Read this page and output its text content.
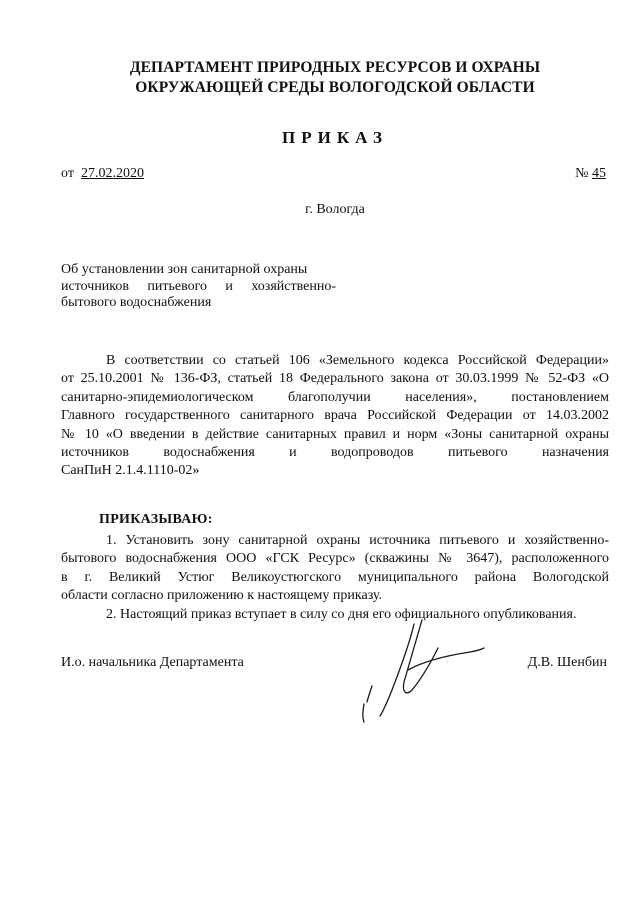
ДЕПАРТАМЕНТ ПРИРОДНЫХ РЕСУРСОВ И ОХРАНЫ
ОКРУЖАЮЩЕЙ СРЕДЫ ВОЛОГОДСКОЙ ОБЛАСТИ
ПРИКАЗ
от 27.02.2020	№ 45
г. Вологда
Об установлении зон санитарной охраны
источников питьевого и хозяйственно-
бытового водоснабжения
В соответствии со статьей 106 «Земельного кодекса Российской Федерации»
от 25.10.2001 № 136-ФЗ, статьей 18 Федерального закона от 30.03.1999 № 52-ФЗ «О
санитарно-эпидемиологическом благополучии населения», постановлением
Главного государственного санитарного врача Российской Федерации от 14.03.2002
№ 10 «О введении в действие санитарных правил и норм «Зоны санитарной охраны
источников водоснабжения и водопроводов питьевого назначения
СанПиН 2.1.4.1110-02»
ПРИКАЗЫВАЮ:
1. Установить зону санитарной охраны источника питьевого и хозяйственно-
бытового водоснабжения ООО «ГСК Ресурс» (скважины № 3647), расположенного
в г. Великий Устюг Великоустюгского муниципального района Вологодской
области согласно приложению к настоящему приказу.
2. Настоящий приказ вступает в силу со дня его официального опубликования.
И.о. начальника Департамента	Д.В. Шенбин
